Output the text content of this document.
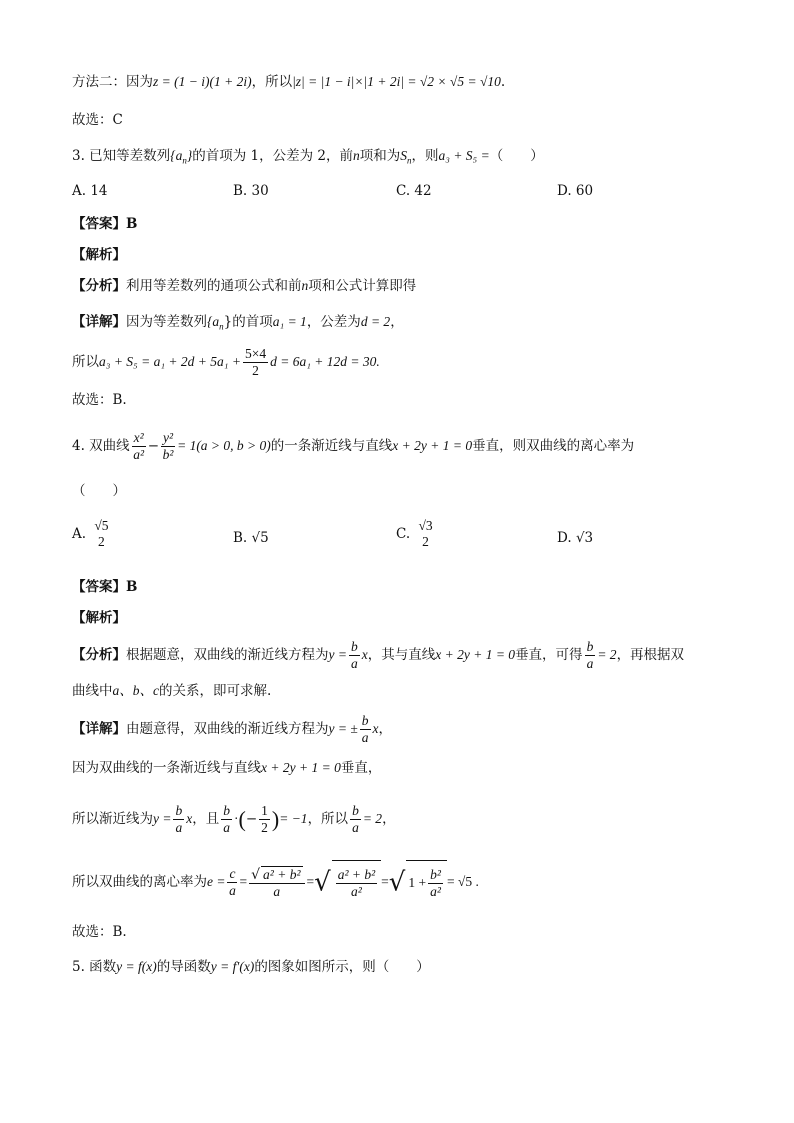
方法二：因为z = (1 − i)(1 + 2i)，所以|z| = |1 − i|×|1 + 2i| = √2 × √5 = √10.
故选：C
3. 已知等差数列$\{a_n\}$的首项为 1，公差为 2，前n项和为$S_n$，则a₃ + S₅ =（　　）
A. 14	B. 30	C. 42	D. 60
【答案】B
【解析】
【分析】利用等差数列的通项公式和前n项和公式计算即得
【详解】因为等差数列$\{a_n\}$的首项a₁ = 1，公差为d = 2，
所以$a_3 + S_5 = a_1 + 2d + 5a_1 + \frac{5\times 4}{2}$ d = 6a₁ + 12d = 30.
故选：B.
4. 双曲线 $\frac{\text{x²}}{\text{a²}} - \frac{\text{y²}}{\text{b²}} = 1(a > 0$, b > 0)的一条渐近线与直线x + 2y + 1 = 0垂直，则双曲线的离心率为
（　　）
A.
√5
2	B. √5	C.
√3
2	D. √3
【答案】B
【解析】
【分析】根据题意，双曲线的渐近线方程为$y = \frac{b}{a}$ x，其与直线x + 2y + 1 = 0垂直，可得 $\frac{b}{a} = 2$，再根据双
曲线中a、b、c的关系，即可求解.
【详解】由题意得，双曲线的渐近线方程为y = ± $\frac{b}{a}$ x，
因为双曲线的一条渐近线与直线x + 2y + 1 = 0垂直，
所以渐近线为$y = \frac{b}{a}$ x，且 $\frac{b}{a}$ ·(− $\frac{1}{2}$ )= −1，所以 $\frac{b}{a} = 2$，
所以双曲线的离心率为$e = \frac{c}{a} = \frac{\text{√ a² + b²}}{a}$ =√ $\frac{\text{a² + b²}}{\text{a²}}$ =√ $1 + \frac{\text{b²}}{\text{a²}} = √5$ .
故选：B.
5. 函数y = f(x)的导函数y = f′(x)的图象如图所示，则（　　）
